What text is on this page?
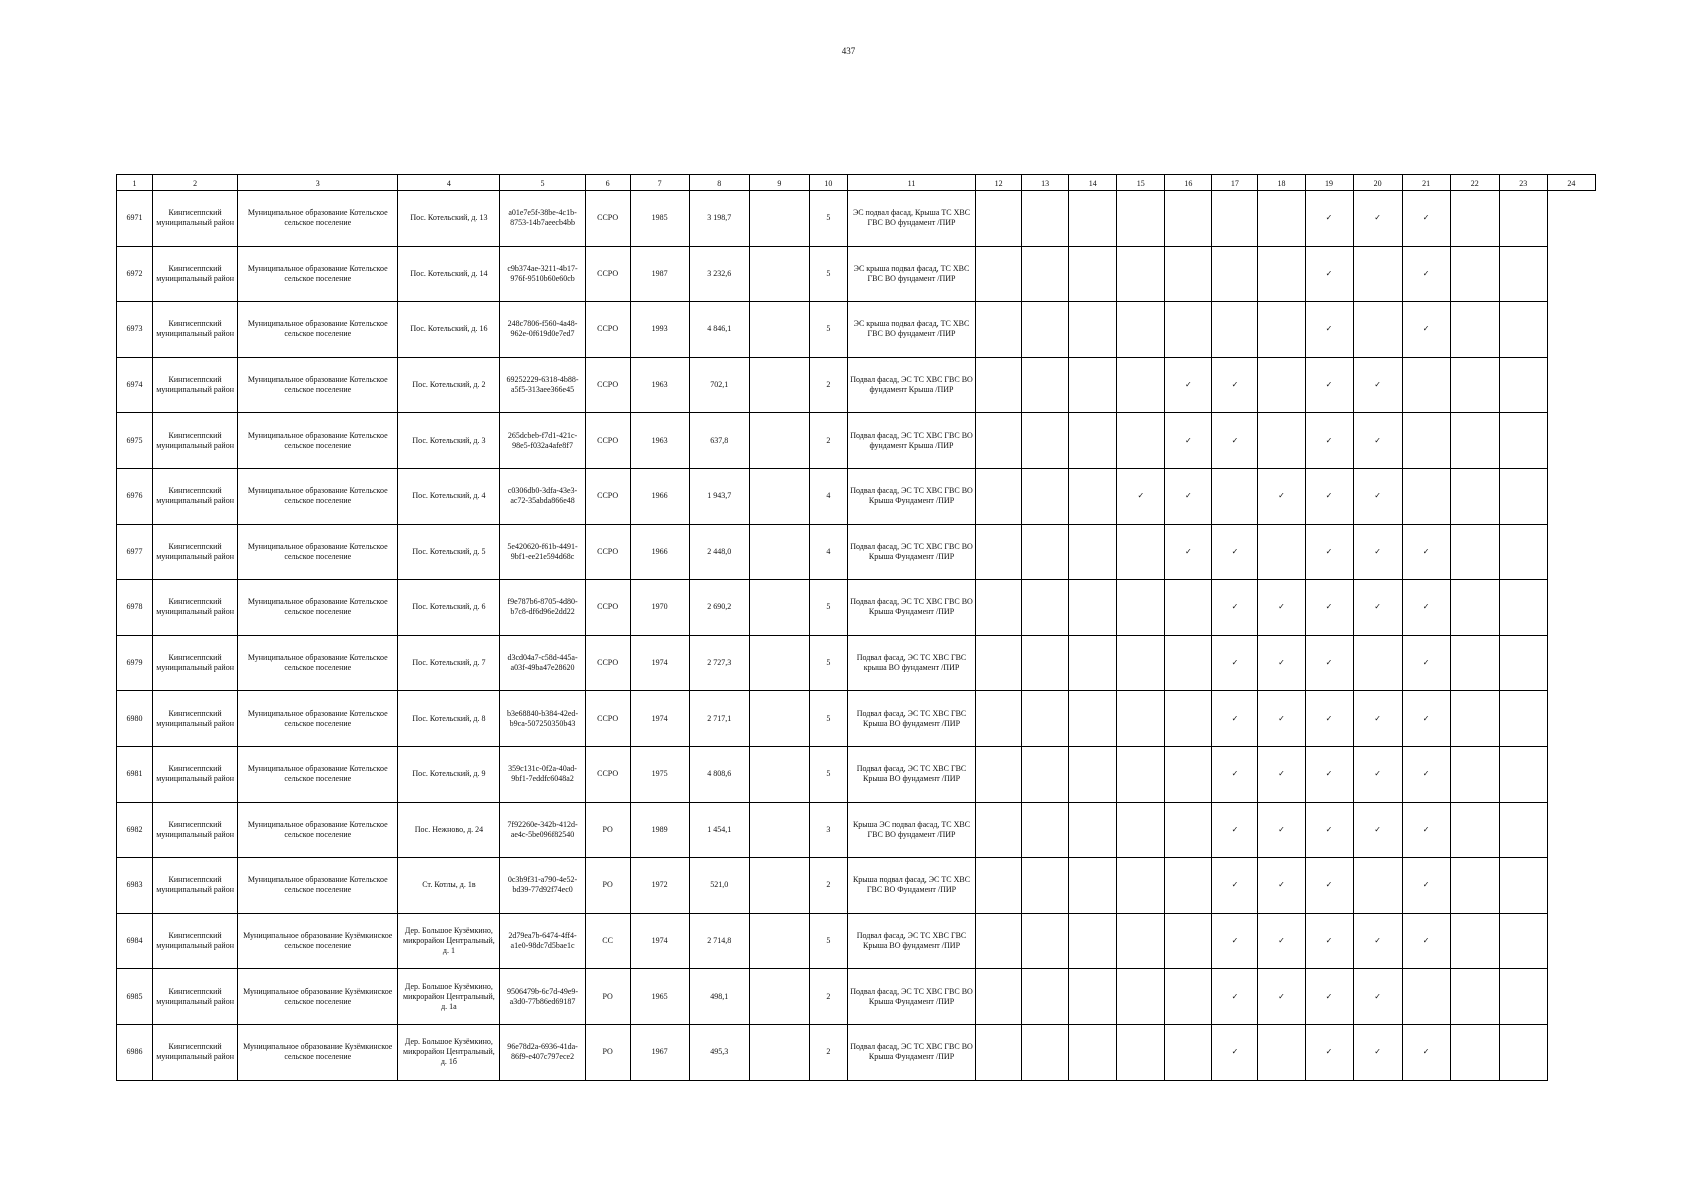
437
1	2	3	4	5	6	7	8	9	10	11	12	13	14	15	16	17	18	19	20	21	22	23	24
6971	Кингисеппский муниципальный район	Муниципальное образование Котельское сельское поселение	Пос. Котельский, д. 13	a01e7e5f-38be-4c1b-8753-14b7aeecb4bb	ССРО	1985	3 198,7		5	ЭС подвал фасад, Крыша ТС ХВС ГВС ВО фундамент /ПИР								✓	✓	✓			
6972	Кингисеппский муниципальный район	Муниципальное образование Котельское сельское поселение	Пос. Котельский, д. 14	c9b374ae-3211-4b17-976f-9510b60e60cb	ССРО	1987	3 232,6		5	ЭС крыша подвал фасад, ТС ХВС ГВС ВО фундамент /ПИР								✓		✓			
6973	Кингисеппский муниципальный район	Муниципальное образование Котельское сельское поселение	Пос. Котельский, д. 16	248c7806-f560-4a48-962e-0f619d0e7ed7	ССРО	1993	4 846,1		5	ЭС крыша подвал фасад, ТС ХВС ГВС ВО фундамент /ПИР								✓		✓			
6974	Кингисеппский муниципальный район	Муниципальное образование Котельское сельское поселение	Пос. Котельский, д. 2	69252229-6318-4b88-a5f5-313aee366e45	ССРО	1963	702,1		2	Подвал фасад, ЭС ТС ХВС ГВС ВО фундамент Крыша /ПИР					✓	✓		✓	✓				
6975	Кингисеппский муниципальный район	Муниципальное образование Котельское сельское поселение	Пос. Котельский, д. 3	265dcbeb-f7d1-421c-98e5-f032a4afe8f7	ССРО	1963	637,8		2	Подвал фасад, ЭС ТС ХВС ГВС ВО фундамент Крыша /ПИР					✓	✓		✓	✓				
6976	Кингисеппский муниципальный район	Муниципальное образование Котельское сельское поселение	Пос. Котельский, д. 4	c0306db0-3dfa-43e3-ac72-35abda866e48	ССРО	1966	1 943,7		4	Подвал фасад, ЭС ТС ХВС ГВС ВО Крыша Фундамент /ПИР				✓	✓		✓	✓	✓				
6977	Кингисеппский муниципальный район	Муниципальное образование Котельское сельское поселение	Пос. Котельский, д. 5	5e420620-f61b-4491-9bf1-ee21e594d68c	ССРО	1966	2 448,0		4	Подвал фасад, ЭС ТС ХВС ГВС ВО Крыша Фундамент /ПИР					✓	✓		✓	✓	✓			
6978	Кингисеппский муниципальный район	Муниципальное образование Котельское сельское поселение	Пос. Котельский, д. 6	f9e787b6-8705-4d80-b7c8-df6d96e2dd22	ССРО	1970	2 690,2		5	Подвал фасад, ЭС ТС ХВС ГВС ВО Крыша Фундамент /ПИР						✓	✓	✓	✓	✓			
6979	Кингисеппский муниципальный район	Муниципальное образование Котельское сельское поселение	Пос. Котельский, д. 7	d3cd04a7-c58d-445a-a03f-49ba47e28620	ССРО	1974	2 727,3		5	Подвал фасад, ЭС ТС ХВС ГВС крыша ВО фундамент /ПИР						✓	✓	✓		✓			
6980	Кингисеппский муниципальный район	Муниципальное образование Котельское сельское поселение	Пос. Котельский, д. 8	b3e68840-b384-42ed-b9ca-507250350b43	ССРО	1974	2 717,1		5	Подвал фасад, ЭС ТС ХВС ГВС Крыша ВО фундамент /ПИР						✓	✓	✓	✓	✓			
6981	Кингисеппский муниципальный район	Муниципальное образование Котельское сельское поселение	Пос. Котельский, д. 9	359c131c-0f2a-40ad-9bf1-7eddfc6048a2	ССРО	1975	4 808,6		5	Подвал фасад, ЭС ТС ХВС ГВС Крыша ВО фундамент /ПИР						✓	✓	✓	✓	✓			
6982	Кингисеппский муниципальный район	Муниципальное образование Котельское сельское поселение	Пос. Нежново, д. 24	7f92260e-342b-412d-ae4c-5be096f82540	РО	1989	1 454,1		3	Крыша ЭС подвал фасад, ТС ХВС ГВС ВО фундамент /ПИР						✓	✓	✓	✓	✓			
6983	Кингисеппский муниципальный район	Муниципальное образование Котельское сельское поселение	Ст. Котлы, д. 1в	0c3b9f31-a790-4e52-bd39-77d92f74ec0	РО	1972	521,0		2	Крыша подвал фасад, ЭС ТС ХВС ГВС ВО Фундамент /ПИР						✓	✓	✓		✓			
6984	Кингисеппский муниципальный район	Муниципальное образование Кузёмкинское сельское поселение	Дер. Большое Кузёмкино, микрорайон Центральный, д. 1	2d79ea7b-6474-4ff4-a1e0-98dc7d5bae1c	СС	1974	2 714,8		5	Подвал фасад, ЭС ТС ХВС ГВС Крыша ВО фундамент /ПИР						✓	✓	✓	✓	✓			
6985	Кингисеппский муниципальный район	Муниципальное образование Кузёмкинское сельское поселение	Дер. Большое Кузёмкино, микрорайон Центральный, д. 1а	9506479b-6c7d-49e9-a3d0-77b86ed69187	РО	1965	498,1		2	Подвал фасад, ЭС ТС ХВС ГВС ВО Крыша Фундамент /ПИР						✓	✓	✓	✓				
6986	Кингисеппский муниципальный район	Муниципальное образование Кузёмкинское сельское поселение	Дер. Большое Кузёмкино, микрорайон Центральный, д. 1б	96e78d2a-6936-41da-86f9-e407c797ece2	РО	1967	495,3		2	Подвал фасад, ЭС ТС ХВС ГВС ВО Крыша Фундамент /ПИР						✓		✓	✓	✓			
